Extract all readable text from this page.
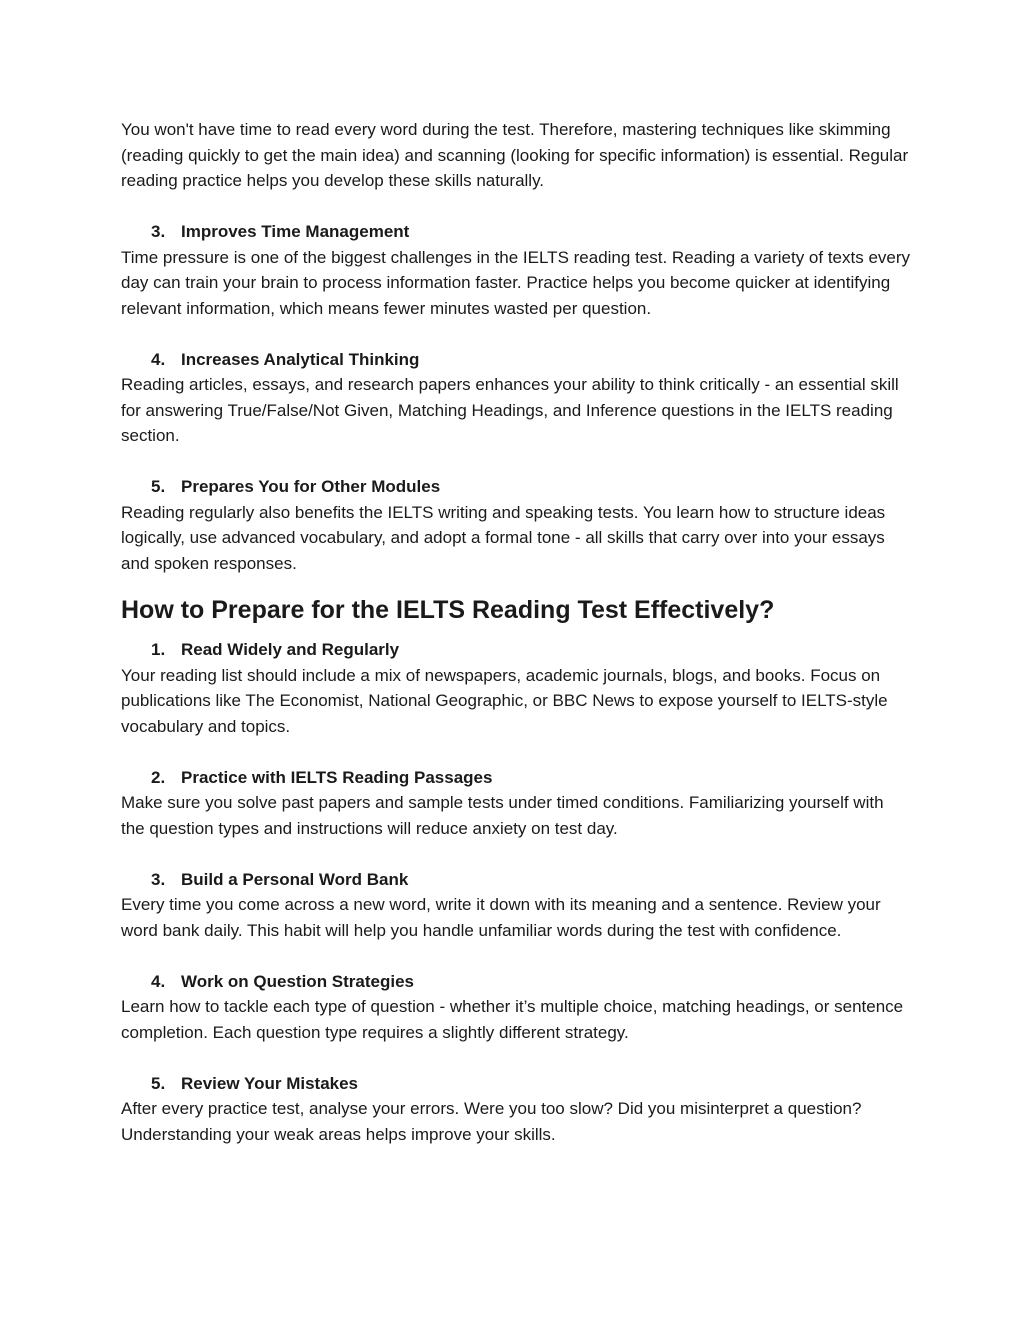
You won't have time to read every word during the test. Therefore, mastering techniques like skimming (reading quickly to get the main idea) and scanning (looking for specific information) is essential. Regular reading practice helps you develop these skills naturally.

3. Improves Time Management

Time pressure is one of the biggest challenges in the IELTS reading test. Reading a variety of texts every day can train your brain to process information faster. Practice helps you become quicker at identifying relevant information, which means fewer minutes wasted per question.

4. Increases Analytical Thinking

Reading articles, essays, and research papers enhances your ability to think critically - an essential skill for answering True/False/Not Given, Matching Headings, and Inference questions in the IELTS reading section.

5. Prepares You for Other Modules

Reading regularly also benefits the IELTS writing and speaking tests. You learn how to structure ideas logically, use advanced vocabulary, and adopt a formal tone - all skills that carry over into your essays and spoken responses.

How to Prepare for the IELTS Reading Test Effectively?

1. Read Widely and Regularly

Your reading list should include a mix of newspapers, academic journals, blogs, and books. Focus on publications like The Economist, National Geographic, or BBC News to expose yourself to IELTS-style vocabulary and topics.

2. Practice with IELTS Reading Passages

Make sure you solve past papers and sample tests under timed conditions. Familiarizing yourself with the question types and instructions will reduce anxiety on test day.

3. Build a Personal Word Bank

Every time you come across a new word, write it down with its meaning and a sentence. Review your word bank daily. This habit will help you handle unfamiliar words during the test with confidence.

4. Work on Question Strategies

Learn how to tackle each type of question - whether it’s multiple choice, matching headings, or sentence completion. Each question type requires a slightly different strategy.

5. Review Your Mistakes

After every practice test, analyse your errors. Were you too slow? Did you misinterpret a question? Understanding your weak areas helps improve your skills.
